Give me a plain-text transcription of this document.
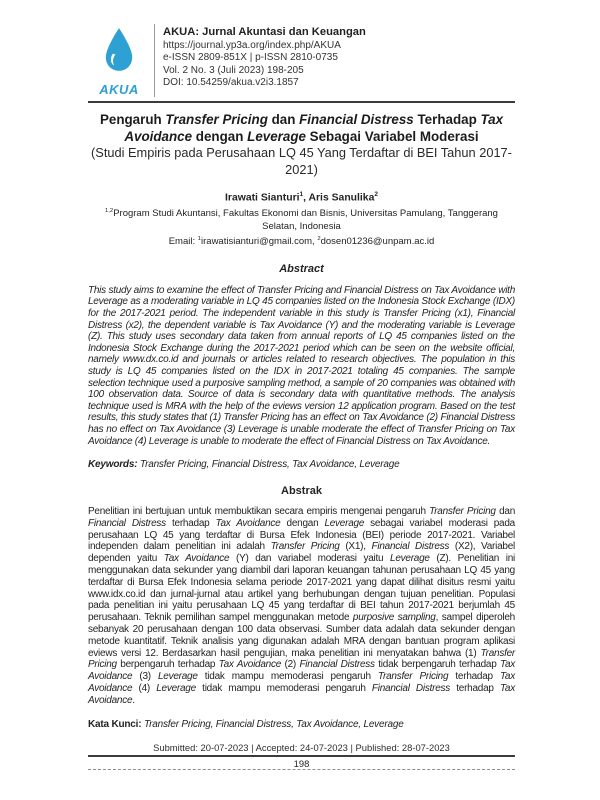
AKUA
AKUA: Jurnal Akuntasi dan Keuangan
https://journal.yp3a.org/index.php/AKUA
e-ISSN 2809-851X | p-ISSN 2810-0735
Vol. 2 No. 3 (Juli 2023) 198-205
DOI: 10.54259/akua.v2i3.1857
Pengaruh Transfer Pricing dan Financial Distress Terhadap Tax Avoidance dengan Leverage Sebagai Variabel Moderasi
(Studi Empiris pada Perusahaan LQ 45 Yang Terdaftar di BEI Tahun 2017-2021)
Irawati Sianturi$^1$, Aris Sanulika$^2$
$^{1,2}$Program Studi Akuntansi, Fakultas Ekonomi dan Bisnis, Universitas Pamulang, Tanggerang Selatan, Indonesia
Email: $^1$irawatisianturi@gmail.com, $^2$dosen01236@unpam.ac.id
Abstract

This study aims to examine the effect of Transfer Pricing and Financial Distress on Tax Avoidance with Leverage as a moderating variable in LQ 45 companies listed on the Indonesia Stock Exchange (IDX) for the 2017-2021 period. The independent variable in this study is Transfer Pricing (x1), Financial Distress (x2), the dependent variable is Tax Avoidance (Y) and the moderating variable is Leverage (Z). This study uses secondary data taken from annual reports of LQ 45 companies listed on the Indonesia Stock Exchange during the 2017-2021 period which can be seen on the website official, namely www.dx.co.id and journals or articles related to research objectives. The population in this study is LQ 45 companies listed on the IDX in 2017-2021 totaling 45 companies. The sample selection technique used a purposive sampling method, a sample of 20 companies was obtained with 100 observation data. Source of data is secondary data with quantitative methods. The analysis technique used is MRA with the help of the eviews version 12 application program. Based on the test results, this study states that (1) Transfer Pricing has an effect on Tax Avoidance (2) Financial Distress has no effect on Tax Avoidance (3) Leverage is unable moderate the effect of Transfer Pricing on Tax Avoidance (4) Leverage is unable to moderate the effect of Financial Distress on Tax Avoidance.

Keywords: Transfer Pricing, Financial Distress, Tax Avoidance, Leverage
Abstrak

Penelitian ini bertujuan untuk membuktikan secara empiris mengenai pengaruh Transfer Pricing dan Financial Distress terhadap Tax Avoidance dengan Leverage sebagai variabel moderasi pada perusahaan LQ 45 yang terdaftar di Bursa Efek Indonesia (BEI) periode 2017-2021. Variabel independen dalam penelitian ini adalah Transfer Pricing (X1), Financial Distress (X2), Variabel dependen yaitu Tax Avoidance (Y) dan variabel moderasi yaitu Leverage (Z). Penelitian ini menggunakan data sekunder yang diambil dari laporan keuangan tahunan perusahaan LQ 45 yang terdaftar di Bursa Efek Indonesia selama periode 2017-2021 yang dapat dilihat disitus resmi yaitu www.idx.co.id dan jurnal-jurnal atau artikel yang berhubungan dengan tujuan penelitian. Populasi pada penelitian ini yaitu perusahaan LQ 45 yang terdaftar di BEI tahun 2017-2021 berjumlah 45 perusahaan. Teknik pemilihan sampel menggunakan metode purposive sampling, sampel diperoleh sebanyak 20 perusahaan dengan 100 data observasi. Sumber data adalah data sekunder dengan metode kuantitatif. Teknik analisis yang digunakan adalah MRA dengan bantuan program aplikasi eviews versi 12. Berdasarkan hasil pengujian, maka penelitian ini menyatakan bahwa (1) Transfer Pricing berpengaruh terhadap Tax Avoidance (2) Financial Distress tidak berpengaruh terhadap Tax Avoidance (3) Leverage tidak mampu memoderasi pengaruh Transfer Pricing terhadap Tax Avoidance (4) Leverage tidak mampu memoderasi pengaruh Financial Distress terhadap Tax Avoidance.

Kata Kunci: Transfer Pricing, Financial Distress, Tax Avoidance, Leverage
Submitted: 20-07-2023 | Accepted: 24-07-2023 | Published: 28-07-2023
198
